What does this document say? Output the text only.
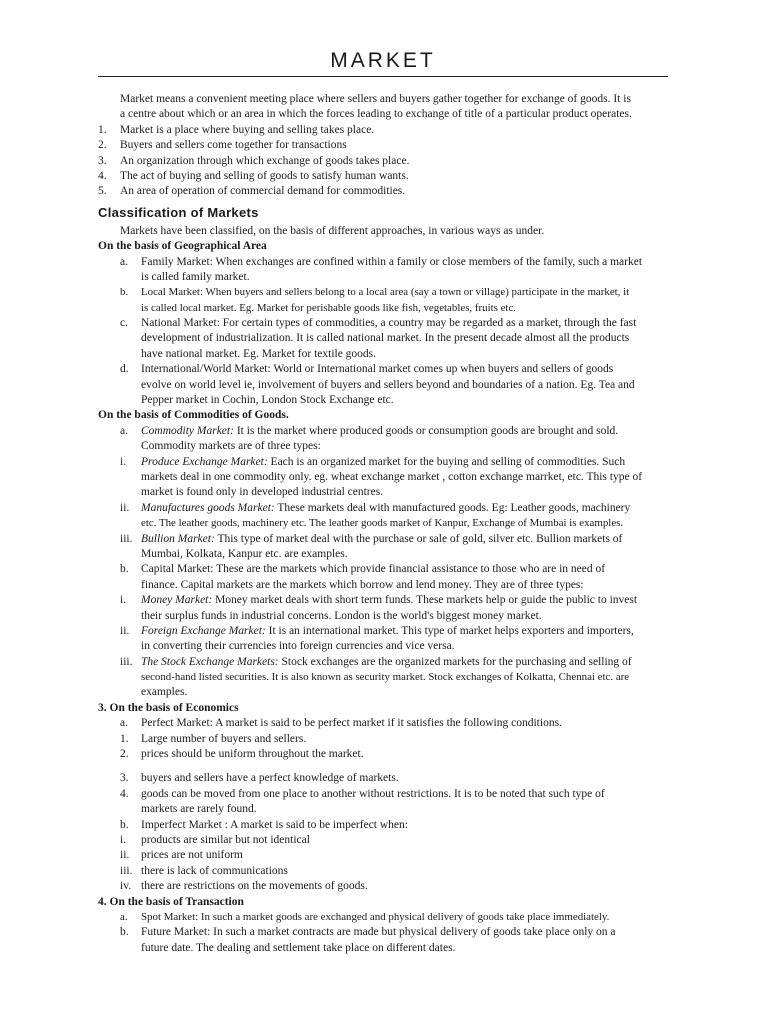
MARKET
Market means a convenient meeting place where sellers and buyers gather together for exchange of goods. It is
a centre about which or an area in which the forces leading to exchange of title of a particular product operates.
1. Market is a place where buying and selling takes place.
2. Buyers and sellers come together for transactions
3. An organization through which exchange of goods takes place.
4. The act of buying and selling of goods to satisfy human wants.
5. An area of operation of commercial demand for commodities.
Classification of Markets
Markets have been classified, on the basis of different approaches, in various ways as under.
On the basis of Geographical Area
a. Family Market: When exchanges are confined within a family or close members of the family, such a market
is called family market.
b. Local Market: When buyers and sellers belong to a local area (say a town or village) participate in the market, it
is called local market. Eg. Market for perishable goods like fish, vegetables, fruits etc.
c. National Market: For certain types of commodities, a country may be regarded as a market, through the fast
development of industrialization. It is called national market. In the present decade almost all the products
have national market. Eg. Market for textile goods.
d. International/World Market: World or International market comes up when buyers and sellers of goods
evolve on world level ie, involvement of buyers and sellers beyond and boundaries of a nation. Eg. Tea and
Pepper market in Cochin, London Stock Exchange etc.
On the basis of Commodities of Goods.
a. Commodity Market: It is the market where produced goods or consumption goods are brought and sold.
Commodity markets are of three types:
i. Produce Exchange Market: Each is an organized market for the buying and selling of commodities. Such
markets deal in one commodity only. eg. wheat exchange market , cotton exchange marrket, etc. This type of
market is found only in developed industrial centres.
ii. Manufactures goods Market: These markets deal with manufactured goods. Eg: Leather goods, machinery
etc. The leather goods, machinery etc. The leather goods market of Kanpur, Exchange of Mumbai is examples.
iii. Bullion Market: This type of market deal with the purchase or sale of gold, silver etc. Bullion markets of
Mumbai, Kolkata, Kanpur etc. are examples.
b. Capital Market: These are the markets which provide financial assistance to those who are in need of
finance. Capital markets are the markets which borrow and lend money. They are of three types:
i. Money Market: Money market deals with short term funds. These markets help or guide the public to invest
their surplus funds in industrial concerns. London is the world's biggest money market.
ii. Foreign Exchange Market: It is an international market. This type of market helps exporters and importers,
in converting their currencies into foreign currencies and vice versa.
iii. The Stock Exchange Markets: Stock exchanges are the organized markets for the purchasing and selling of
second-hand listed securities. It is also known as security market. Stock exchanges of Kolkatta, Chennai etc. are
examples.
3. On the basis of Economics
a. Perfect Market: A market is said to be perfect market if it satisfies the following conditions.
1. Large number of buyers and sellers.
2. prices should be uniform throughout the market.
3. buyers and sellers have a perfect knowledge of markets.
4. goods can be moved from one place to another without restrictions. It is to be noted that such type of
markets are rarely found.
b. Imperfect Market : A market is said to be imperfect when:
i. products are similar but not identical
ii. prices are not uniform
iii. there is lack of communications
iv. there are restrictions on the movements of goods.
4. On the basis of Transaction
a. Spot Market: In such a market goods are exchanged and physical delivery of goods take place immediately.
b. Future Market: In such a market contracts are made but physical delivery of goods take place only on a
future date. The dealing and settlement take place on different dates.
